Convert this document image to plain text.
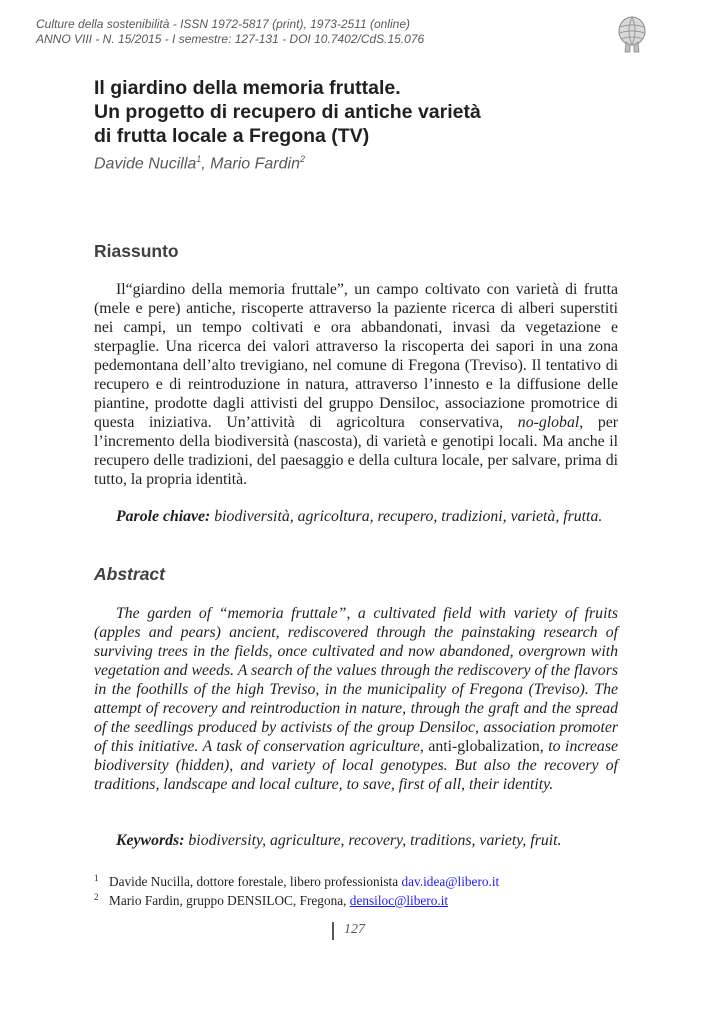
Culture della sostenibilità - ISSN 1972-5817 (print), 1973-2511 (online)
ANNO VIII - N. 15/2015 - I semestre: 127-131 - DOI 10.7402/CdS.15.076
Il giardino della memoria fruttale.
Un progetto di recupero di antiche varietà
di frutta locale a Fregona (TV)
Davide Nucilla$^1$, Mario Fardin$^2$
Riassunto
Il“giardino della memoria fruttale”, un campo coltivato con varietà di frutta (mele e pere) antiche, riscoperte attraverso la paziente ricerca di alberi superstiti nei campi, un tempo coltivati e ora abbandonati, invasi da vegetazione e sterpaglie. Una ricerca dei valori attraverso la riscoperta dei sapori in una zona pedemontana dell’alto trevigiano, nel comune di Fregona (Treviso). Il tentativo di recupero e di reintroduzione in natura, attraverso l’innesto e la diffusione delle piantine, prodotte dagli attivisti del gruppo Densiloc, associazione promotrice di questa iniziativa. Un’attività di agricoltura conservativa, no-global, per l’incremento della biodiversità (nascosta), di varietà e genotipi locali. Ma anche il recupero delle tradizioni, del paesaggio e della cultura locale, per salvare, prima di tutto, la propria identità.
Parole chiave: biodiversità, agricoltura, recupero, tradizioni, varietà, frutta.
Abstract
The garden of “memoria fruttale”, a cultivated field with variety of fruits (apples and pears) ancient, rediscovered through the painstaking research of surviving trees in the fields, once cultivated and now abandoned, overgrown with vegetation and weeds. A search of the values through the rediscovery of the flavors in the foothills of the high Treviso, in the municipality of Fregona (Treviso). The attempt of recovery and reintroduction in nature, through the graft and the spread of the seedlings produced by activists of the group Densiloc, association promoter of this initiative. A task of conservation agriculture, anti-globalization, to increase biodiversity (hidden), and variety of local genotypes. But also the recovery of traditions, landscape and local culture, to save, first of all, their identity.
Keywords: biodiversity, agriculture, recovery, traditions, variety, fruit.
1 Davide Nucilla, dottore forestale, libero professionista dav.idea@libero.it
2 Mario Fardin, gruppo DENSILOC, Fregona, densiloc@libero.it
127
